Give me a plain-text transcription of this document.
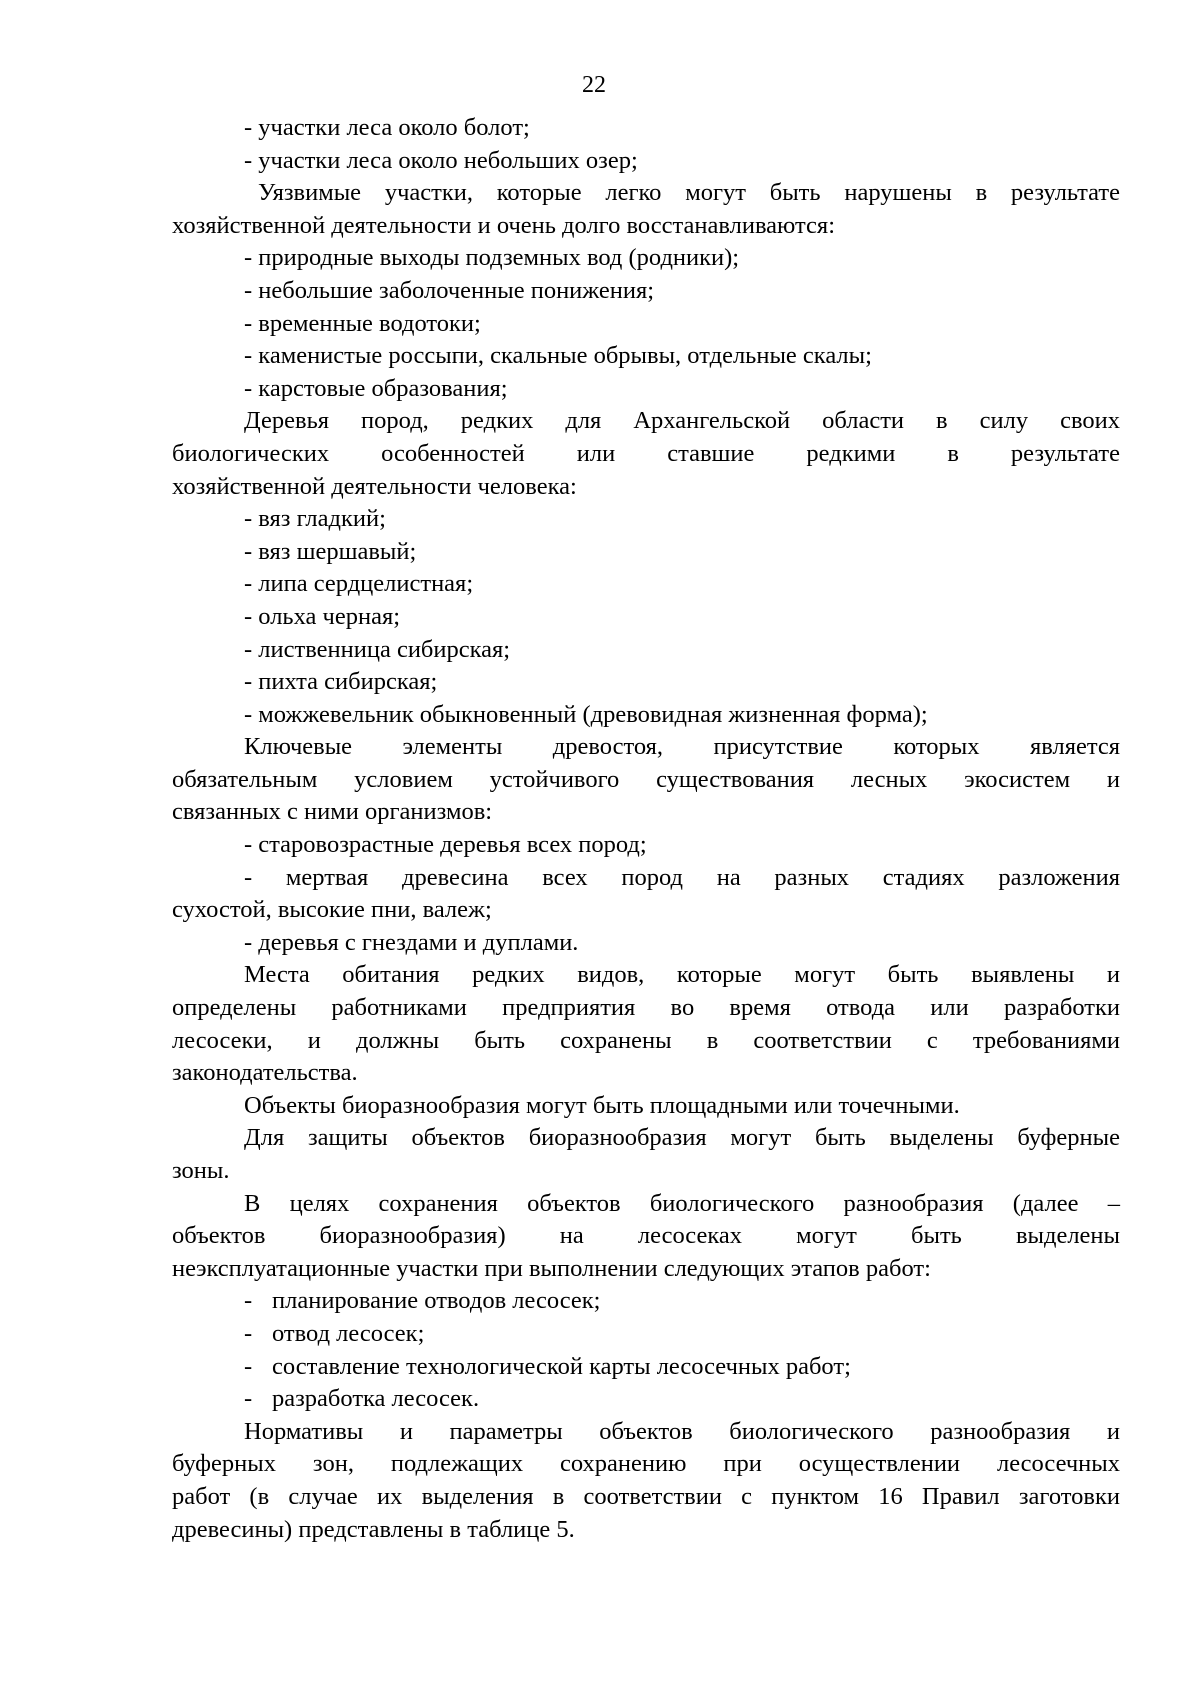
22
- участки леса около болот;
- участки леса около небольших озер;
Уязвимые участки, которые легко могут быть нарушены в результате
хозяйственной деятельности и очень долго восстанавливаются:
- природные выходы подземных вод (родники);
- небольшие заболоченные понижения;
- временные водотоки;
- каменистые россыпи, скальные обрывы, отдельные скалы;
- карстовые образования;
Деревья пород, редких для Архангельской области в силу своих
биологических особенностей или ставшие редкими в результате
хозяйственной деятельности человека:
- вяз гладкий;
- вяз шершавый;
- липа сердцелистная;
- ольха черная;
- лиственница сибирская;
- пихта сибирская;
- можжевельник обыкновенный (древовидная жизненная форма);
Ключевые элементы древостоя, присутствие которых является
обязательным условием устойчивого существования лесных экосистем и
связанных с ними организмов:
- старовозрастные деревья всех пород;
- мертвая древесина всех пород на разных стадиях разложения
сухостой, высокие пни, валеж;
- деревья с гнездами и дуплами.
Места обитания редких видов, которые могут быть выявлены и
определены работниками предприятия во время отвода или разработки
лесосеки, и должны быть сохранены в соответствии с требованиями
законодательства.
Объекты биоразнообразия могут быть площадными или точечными.
Для защиты объектов биоразнообразия могут быть выделены буферные
зоны.
В целях сохранения объектов биологического разнообразия (далее –
объектов биоразнообразия) на лесосеках могут быть выделены
неэксплуатационные участки при выполнении следующих этапов работ:
- планирование отводов лесосек;
- отвод лесосек;
- составление технологической карты лесосечных работ;
- разработка лесосек.
Нормативы и параметры объектов биологического разнообразия и
буферных зон, подлежащих сохранению при осуществлении лесосечных
работ (в случае их выделения в соответствии с пунктом 16 Правил заготовки
древесины) представлены в таблице 5.
